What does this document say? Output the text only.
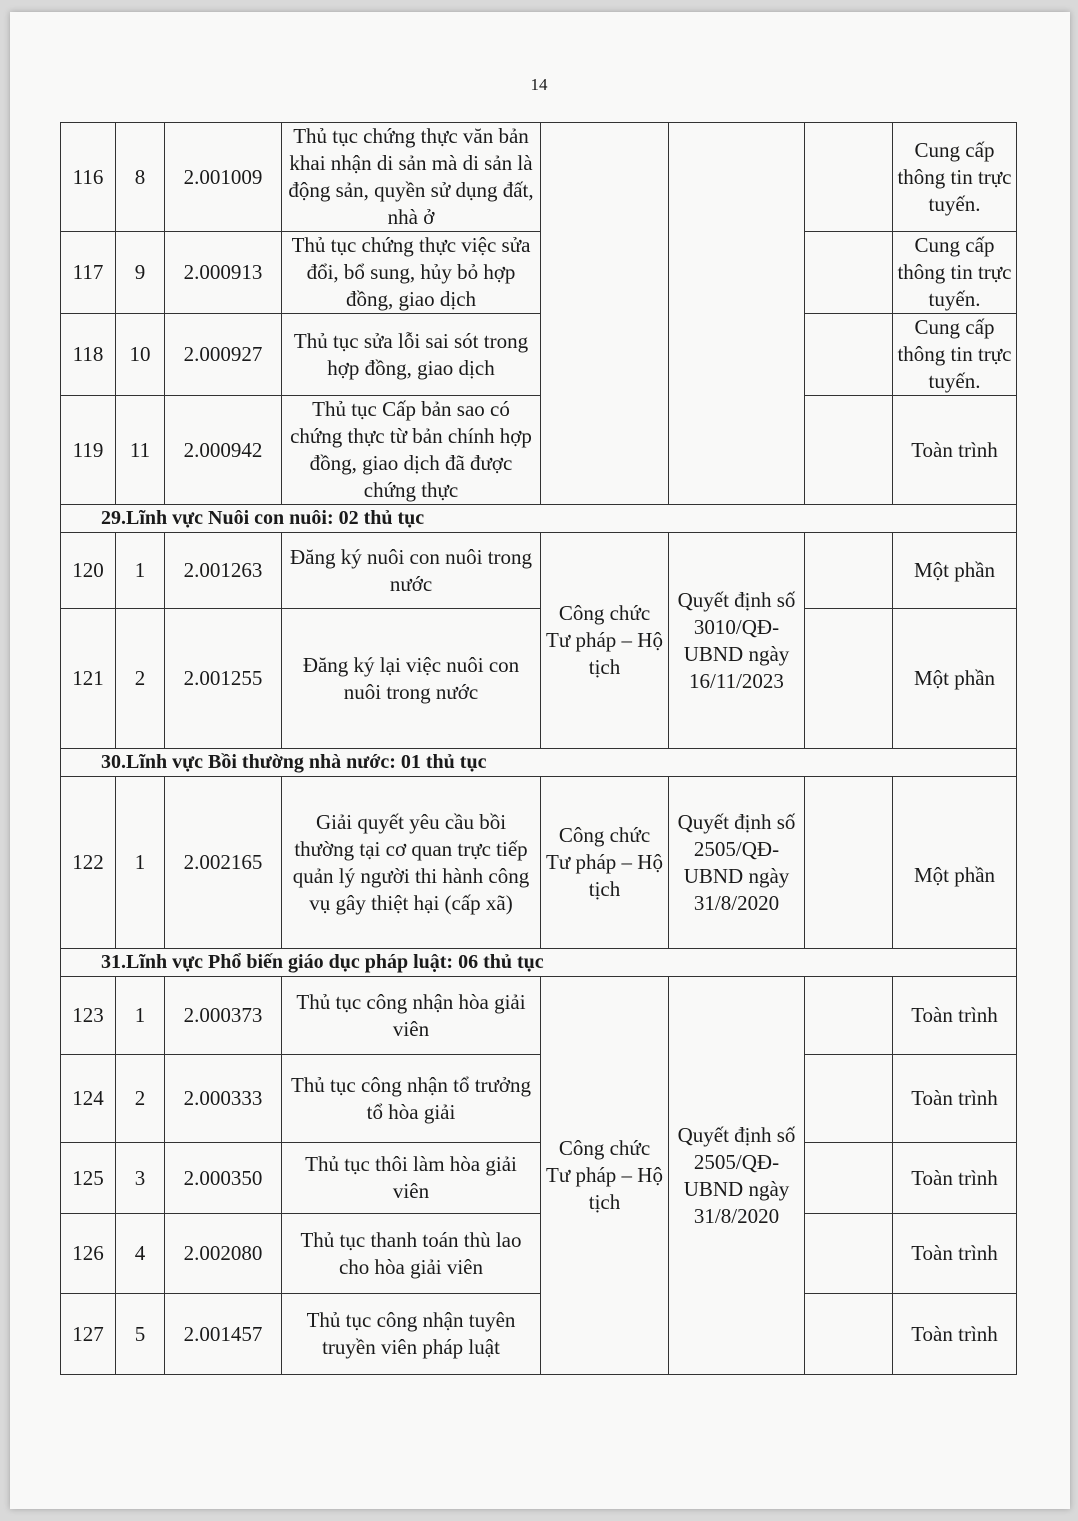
14
116	8	2.001009	Thủ tục chứng thực văn bản khai nhận di sản mà di sản là động sản, quyền sử dụng đất, nhà ở				Cung cấp thông tin trực tuyến.
117	9	2.000913	Thủ tục chứng thực việc sửa đổi, bổ sung, hủy bỏ hợp đồng, giao dịch				Cung cấp thông tin trực tuyến.
118	10	2.000927	Thủ tục sửa lỗi sai sót trong hợp đồng, giao dịch				Cung cấp thông tin trực tuyến.
119	11	2.000942	Thủ tục Cấp bản sao có chứng thực từ bản chính hợp đồng, giao dịch đã được chứng thực				Toàn trình
29.Lĩnh vực Nuôi con nuôi: 02 thủ tục							
120	1	2.001263	Đăng ký nuôi con nuôi trong nước	Công chức Tư pháp – Hộ tịch	Quyết định số 3010/QĐ-UBND ngày 16/11/2023		Một phần
121	2	2.001255	Đăng ký lại việc nuôi con nuôi trong nước				Một phần
30.Lĩnh vực Bồi thường nhà nước: 01 thủ tục							
122	1	2.002165	Giải quyết yêu cầu bồi thường tại cơ quan trực tiếp quản lý người thi hành công vụ gây thiệt hại (cấp xã)	Công chức Tư pháp – Hộ tịch	Quyết định số 2505/QĐ-UBND ngày 31/8/2020		Một phần
31.Lĩnh vực Phổ biến giáo dục pháp luật: 06 thủ tục							
123	1	2.000373	Thủ tục công nhận hòa giải viên	Công chức Tư pháp – Hộ tịch	Quyết định số 2505/QĐ-UBND ngày 31/8/2020		Toàn trình
124	2	2.000333	Thủ tục công nhận tổ trưởng tổ hòa giải				Toàn trình
125	3	2.000350	Thủ tục thôi làm hòa giải viên				Toàn trình
126	4	2.002080	Thủ tục thanh toán thù lao cho hòa giải viên				Toàn trình
127	5	2.001457	Thủ tục công nhận tuyên truyền viên pháp luật				Toàn trình
